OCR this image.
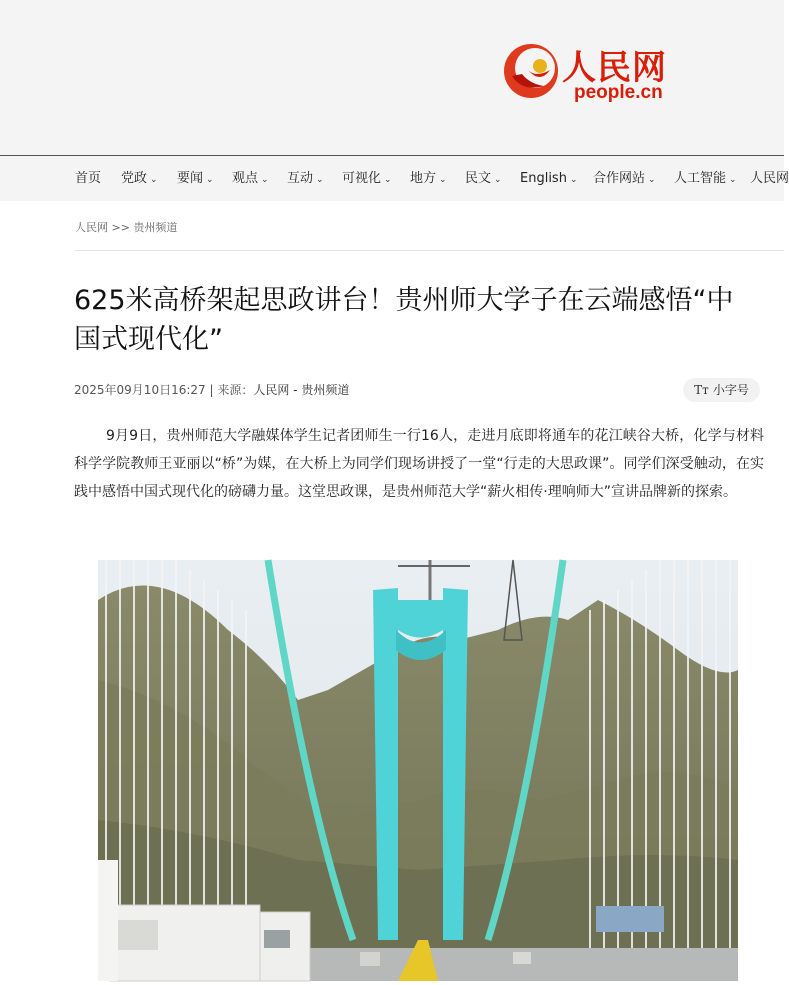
人民网
people.cn
首页 党政 ⌄ 要闻 ⌄ 观点 ⌄ 互动 ⌄ 可视化 ⌄ 地方 ⌄ 民文 ⌄ English ⌄ 合作网站 ⌄ 人工智能 ⌄ 人民网
人民网 >> 贵州频道
625米高桥架起思政讲台！贵州师大学子在云端感悟“中国式现代化”
2025年09月10日16:27 | 来源：人民网 - 贵州频道	Tт 小字号

9月9日，贵州师范大学融媒体学生记者团师生一行16人，走进月底即将通车的花江峡谷大桥，化学与材料科学学院教师王亚丽以“桥”为媒，在大桥上为同学们现场讲授了一堂“行走的大思政课”。同学们深受触动，在实践中感悟中国式现代化的磅礴力量。这堂思政课，是贵州师范大学“薪火相传·理响师大”宣讲品牌新的探索。
